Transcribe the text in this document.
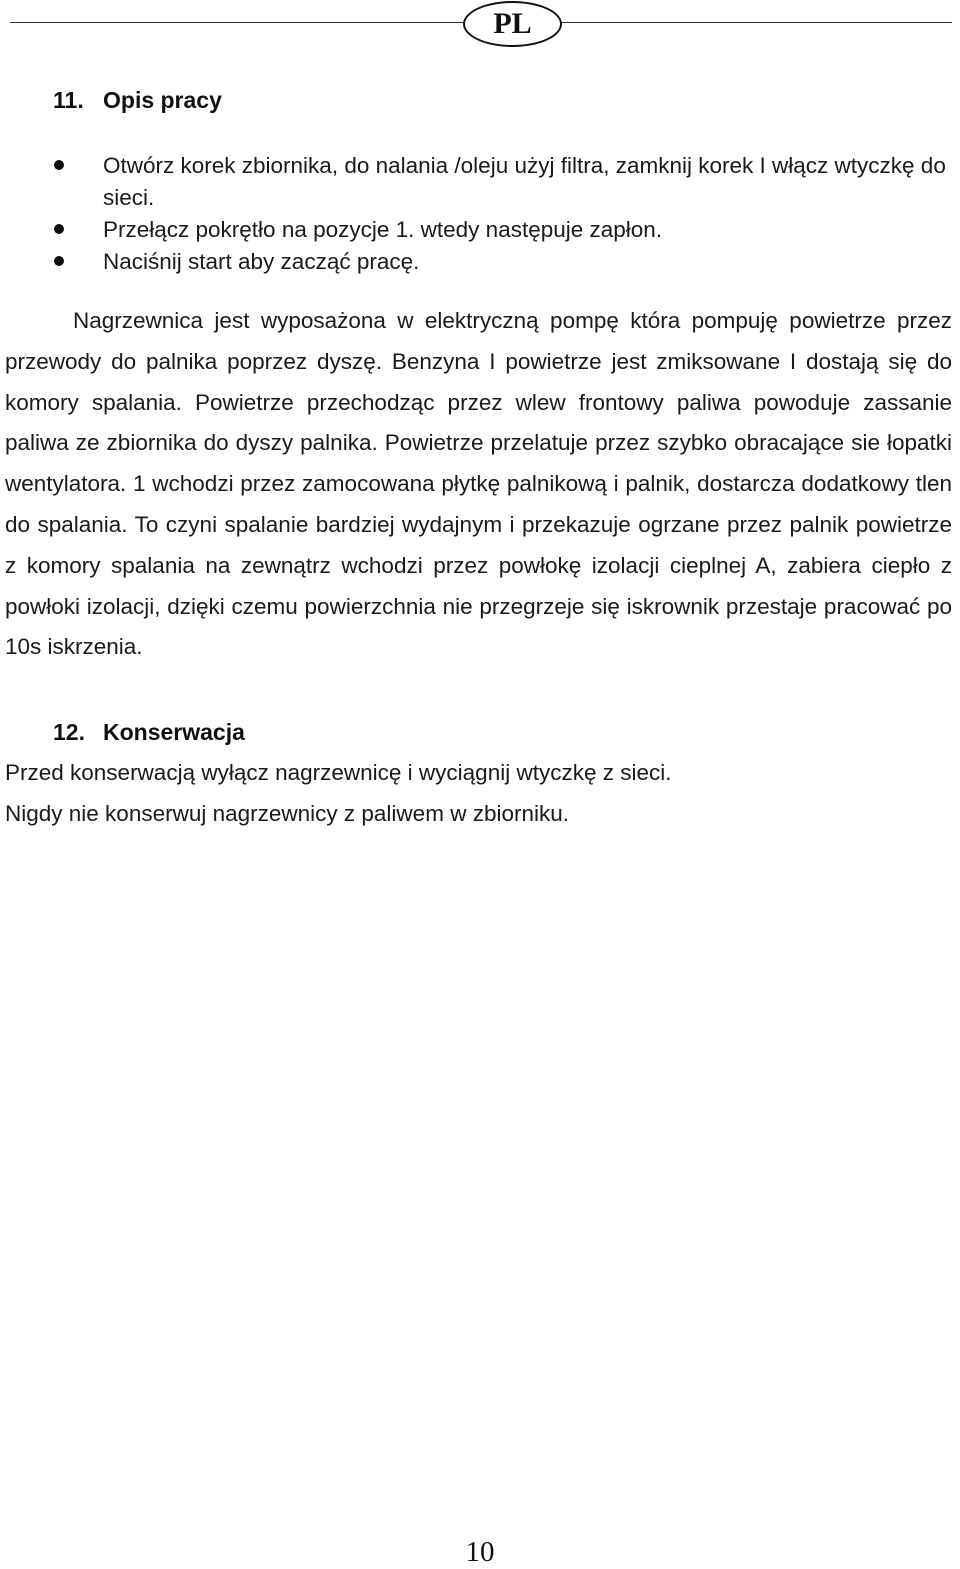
PL
11. Opis pracy
Otwórz korek zbiornika, do nalania /oleju użyj filtra, zamknij korek I włącz wtyczkę do sieci.
Przełącz pokrętło na pozycje 1. wtedy następuje zapłon.
Naciśnij start aby zacząć pracę.

Nagrzewnica jest wyposażona w elektryczną pompę która pompuję powietrze przez przewody do palnika poprzez dyszę. Benzyna I powietrze jest zmiksowane I dostają się do komory spalania. Powietrze przechodząc przez wlew frontowy paliwa powoduje zassanie paliwa ze zbiornika do dyszy palnika. Powietrze przelatuje przez szybko obracające sie łopatki wentylatora. 1 wchodzi przez zamocowana płytkę palnikową i palnik, dostarcza dodatkowy tlen do spalania. To czyni spalanie bardziej wydajnym i przekazuje ogrzane przez palnik powietrze z komory spalania na zewnątrz wchodzi przez powłokę izolacji cieplnej A, zabiera ciepło z powłoki izolacji, dzięki czemu powierzchnia nie przegrzeje się iskrownik przestaje pracować po 10s iskrzenia.

12. Konserwacja
Przed konserwacją wyłącz nagrzewnicę i wyciągnij wtyczkę z sieci.
Nigdy nie konserwuj nagrzewnicy z paliwem w zbiorniku.
10
